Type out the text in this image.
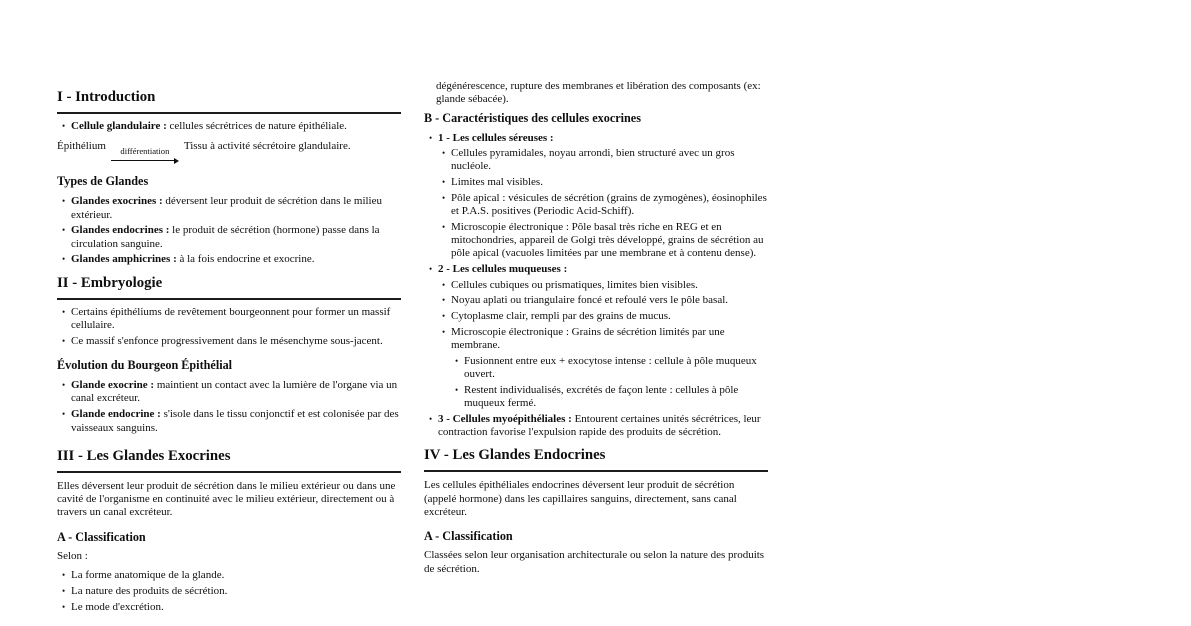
I - Introduction
• Cellule glandulaire : cellules sécrétrices de nature épithéliale.

Épithélium différentiation Tissu à activité sécrétoire glandulaire.

Types de Glandes
• Glandes exocrines : déversent leur produit de sécrétion dans le milieu extérieur.
• Glandes endocrines : le produit de sécrétion (hormone) passe dans la circulation sanguine.
• Glandes amphicrines : à la fois endocrine et exocrine.
II - Embryologie
• Certains épithéliums de revêtement bourgeonnent pour former un massif cellulaire.
• Ce massif s'enfonce progressivement dans le mésenchyme sous-jacent.
Évolution du Bourgeon Épithélial
• Glande exocrine : maintient un contact avec la lumière de l'organe via un canal excréteur.
• Glande endocrine : s'isole dans le tissu conjonctif et est colonisée par des vaisseaux sanguins.
III - Les Glandes Exocrines

Elles déversent leur produit de sécrétion dans le milieu extérieur ou dans une cavité de l'organisme en continuité avec le milieu extérieur, directement ou à travers un canal excréteur.

A - Classification

Selon :

• La forme anatomique de la glande.
• La nature des produits de sécrétion.
• Le mode d'excrétion.

dégénérescence, rupture des membranes et libération des composants (ex: glande sébacée).

B - Caractéristiques des cellules exocrines
• 1 - Les cellules séreuses :
• Cellules pyramidales, noyau arrondi, bien structuré avec un gros nucléole.
• Limites mal visibles.
• Pôle apical : vésicules de sécrétion (grains de zymogènes), éosinophiles et P.A.S. positives (Periodic Acid-Schiff).
• Microscopie électronique : Pôle basal très riche en REG et en mitochondries, appareil de Golgi très développé, grains de sécrétion au pôle apical (vacuoles limitées par une membrane et à contenu dense).
• 2 - Les cellules muqueuses :
• Cellules cubiques ou prismatiques, limites bien visibles.
• Noyau aplati ou triangulaire foncé et refoulé vers le pôle basal.
• Cytoplasme clair, rempli par des grains de mucus.
• Microscopie électronique : Grains de sécrétion limités par une membrane.
• Fusionnent entre eux + exocytose intense : cellule à pôle muqueux ouvert.
• Restent individualisés, excrétés de façon lente : cellules à pôle muqueux fermé.
• 3 - Cellules myoépithéliales : Entourent certaines unités sécrétrices, leur contraction favorise l'expulsion rapide des produits de sécrétion.
IV - Les Glandes Endocrines

Les cellules épithéliales endocrines déversent leur produit de sécrétion (appelé hormone) dans les capillaires sanguins, directement, sans canal excréteur.

A - Classification

Classées selon leur organisation architecturale ou selon la nature des produits de sécrétion.
